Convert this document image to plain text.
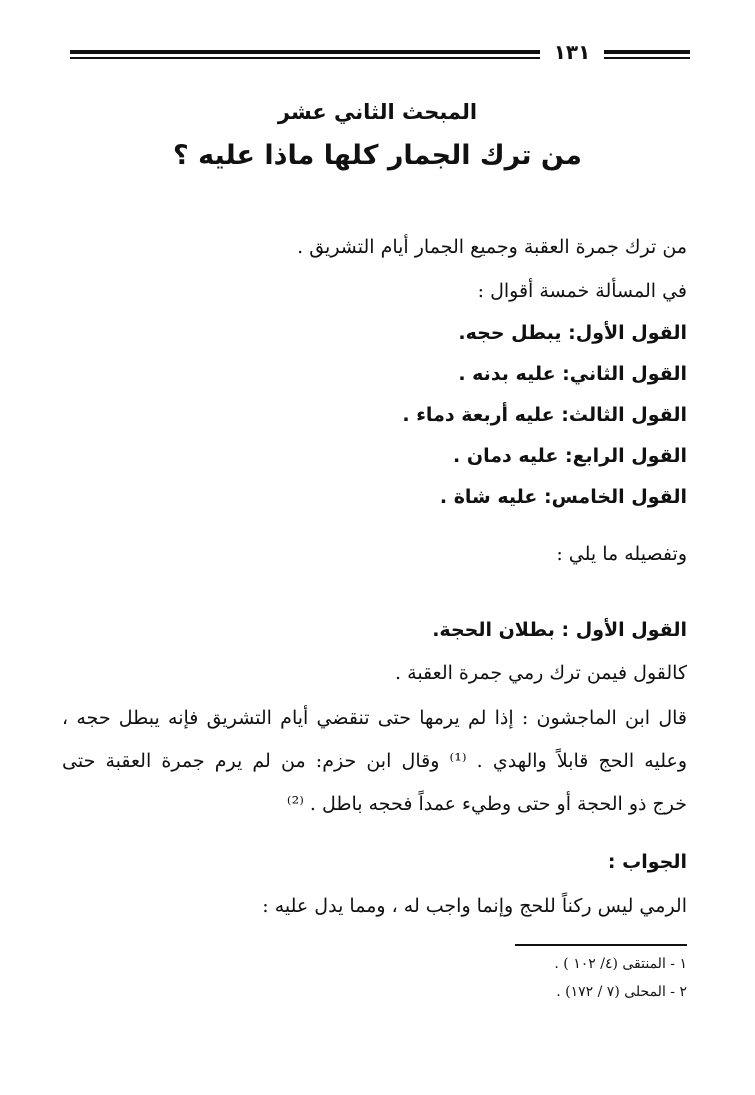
١٣١
المبحث الثاني عشر
من ترك الجمار كلها ماذا عليه ؟
من ترك جمرة العقبة وجميع الجمار أيام التشريق .
في المسألة خمسة أقوال :
القول الأول: يبطل حجه.
القول الثاني: عليه بدنه .
القول الثالث: عليه أربعة دماء .
القول الرابع: عليه دمان .
القول الخامس: عليه شاة .
وتفصيله ما يلي :
القول الأول : بطلان الحجة.
كالقول فيمن ترك رمي جمرة العقبة .
قال ابن الماجشون : إذا لم يرمها حتى تنقضي أيام التشريق فإنه يبطل حجه ،
وعليه الحج قابلاً والهدي . ⁽¹⁾ وقال ابن حزم: من لم يرم جمرة العقبة حتى
خرج ذو الحجة أو حتى وطيء عمداً فحجه باطل . ⁽²⁾
الجواب :
الرمي ليس ركناً للحج وإنما واجب له ، ومما يدل عليه :
١ - المنتقى (٤/ ١٠٢ ) .
٢ - المحلى (٧ / ١٧٢) .
